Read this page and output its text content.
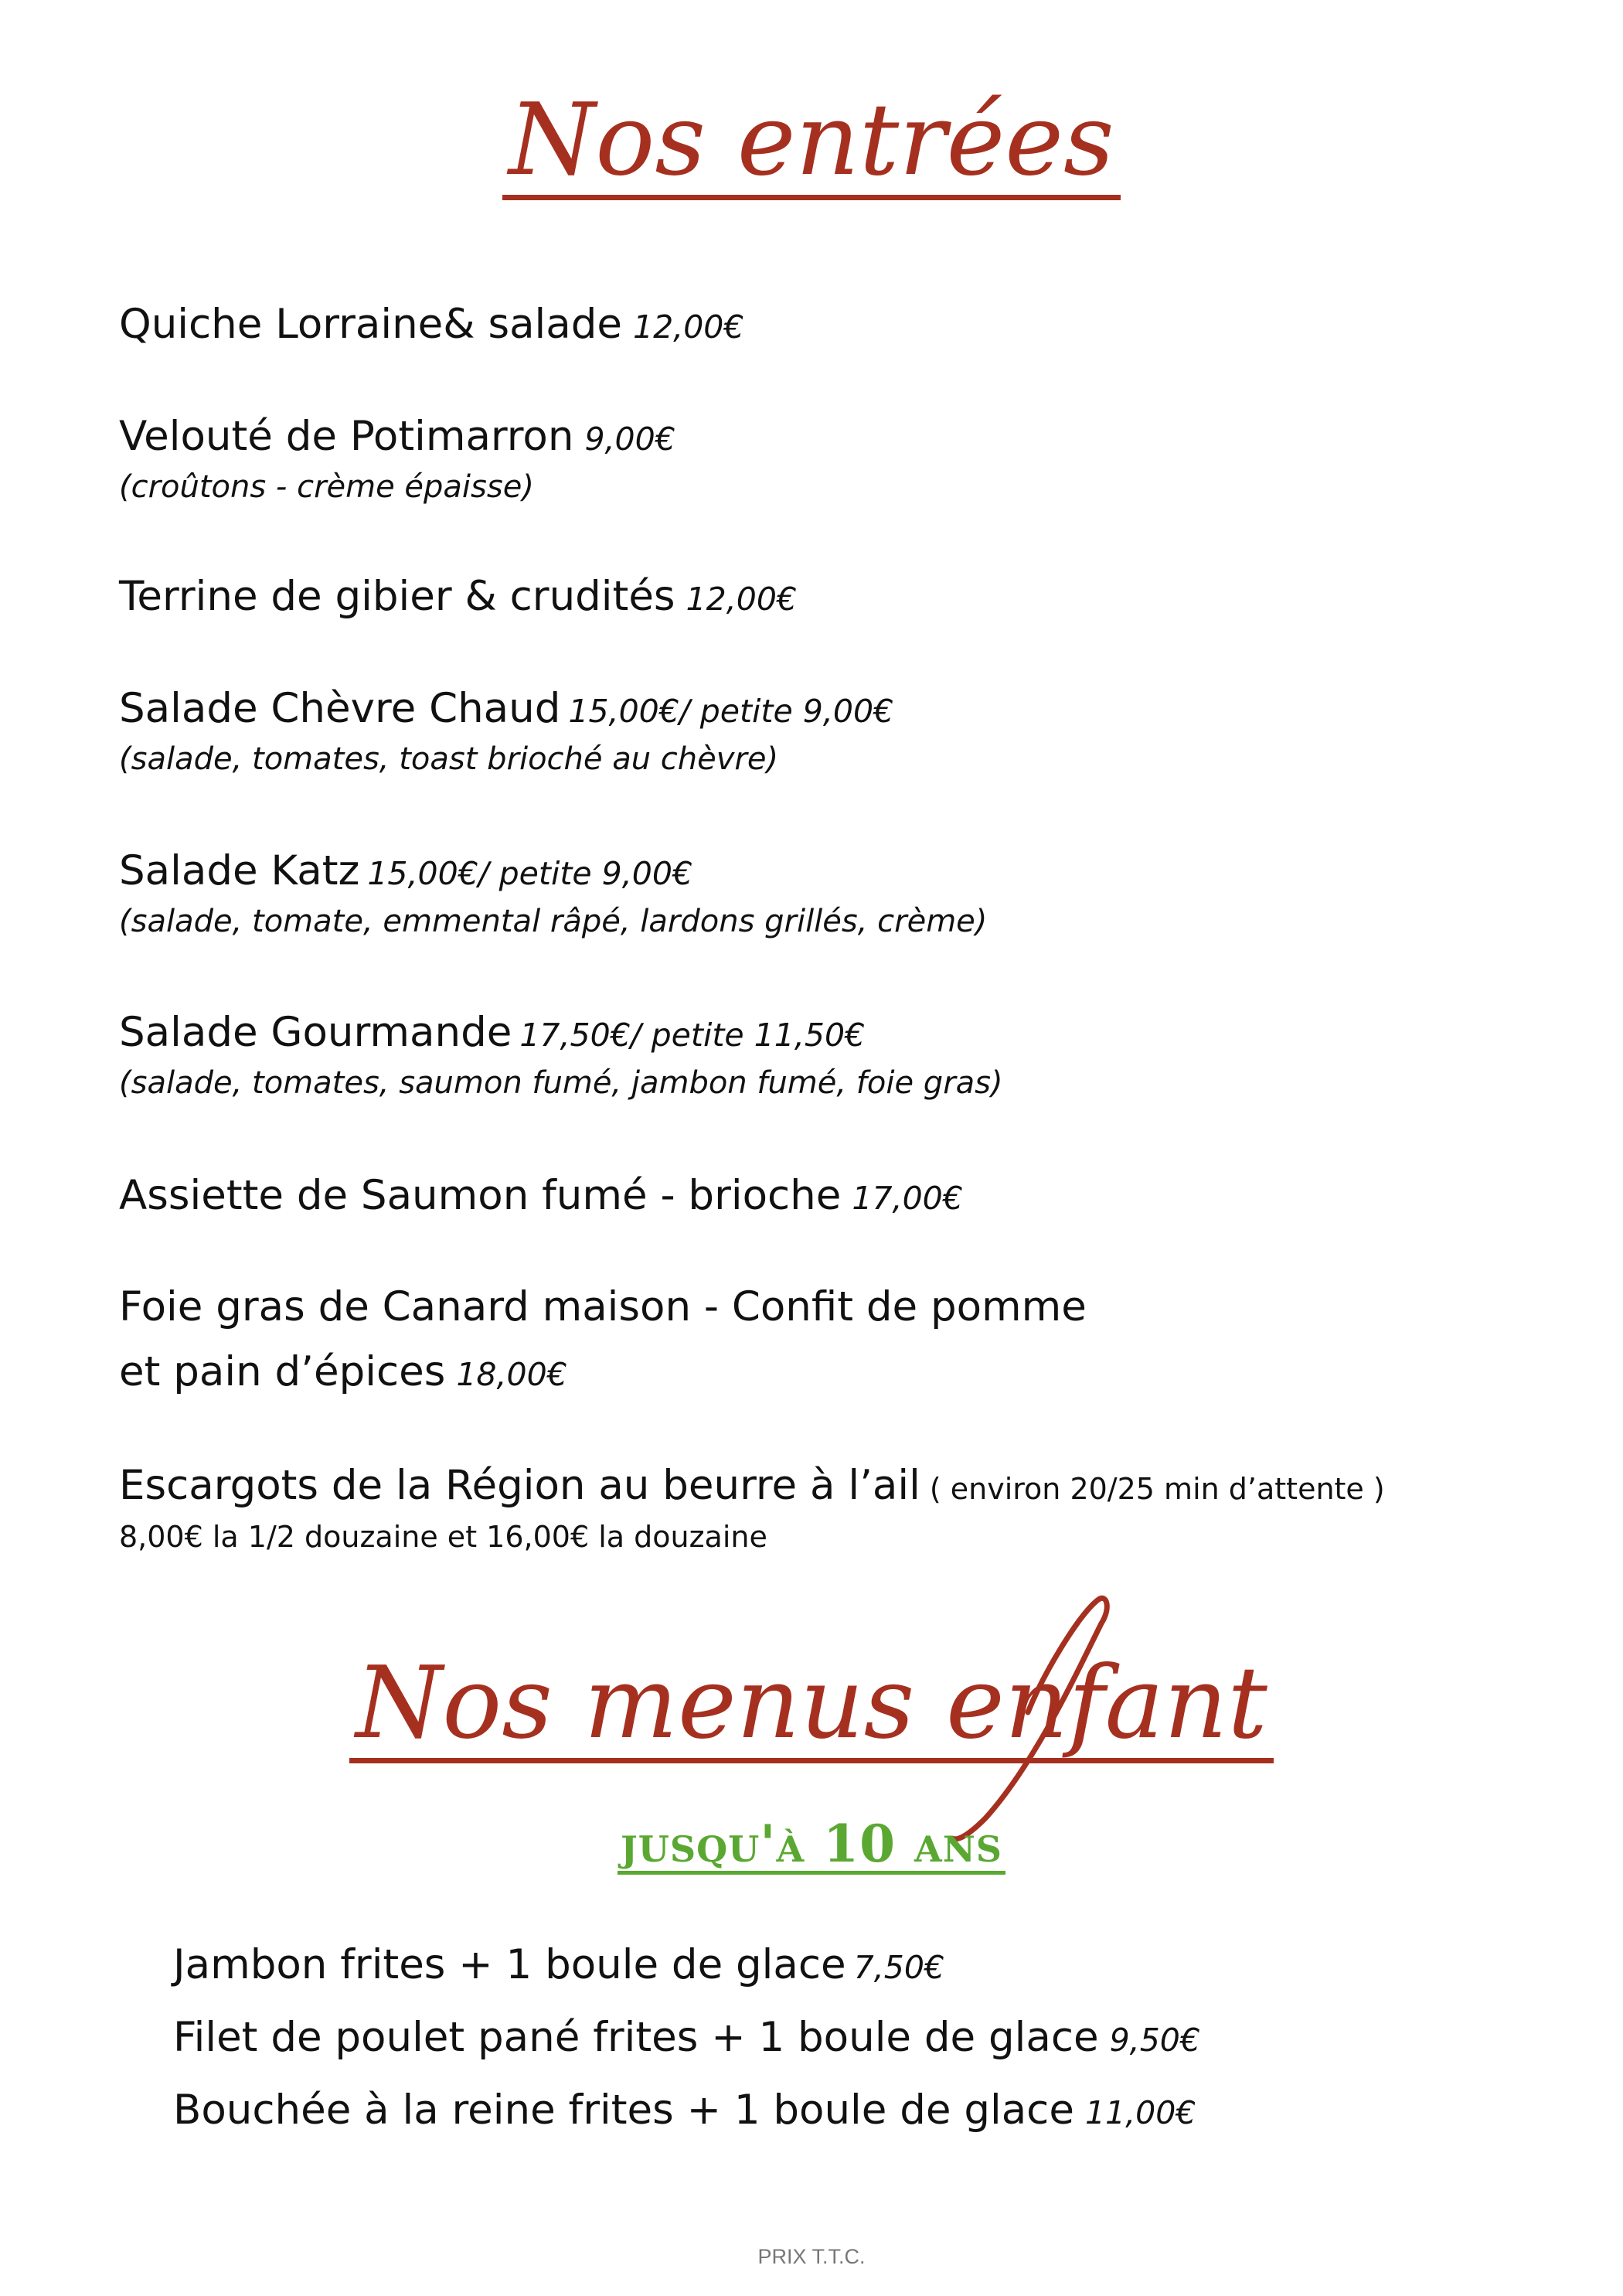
Nos entrées
Nos menus enfant
jusqu'à 10 ans
Quiche Lorraine& salade 12,00€
Velouté de Potimarron 9,00€
(croûtons - crème épaisse)
Terrine de gibier & crudités 12,00€
Salade Chèvre Chaud 15,00€/ petite 9,00€
(salade, tomates, toast brioché au chèvre)
Salade Katz 15,00€/ petite 9,00€
(salade, tomate, emmental râpé, lardons grillés, crème)
Salade Gourmande 17,50€/ petite 11,50€
(salade, tomates, saumon fumé, jambon fumé, foie gras)
Assiette de Saumon fumé - brioche 17,00€
Foie gras de Canard maison - Confit de pomme
et pain d’épices 18,00€
Escargots de la Région au beurre à l’ail ( environ 20/25 min d’attente )
8,00€ la 1/2 douzaine et 16,00€ la douzaine
Jambon frites + 1 boule de glace 7,50€
Filet de poulet pané frites + 1 boule de glace 9,50€
Bouchée à la reine frites + 1 boule de glace 11,00€
PRIX T.T.C.
